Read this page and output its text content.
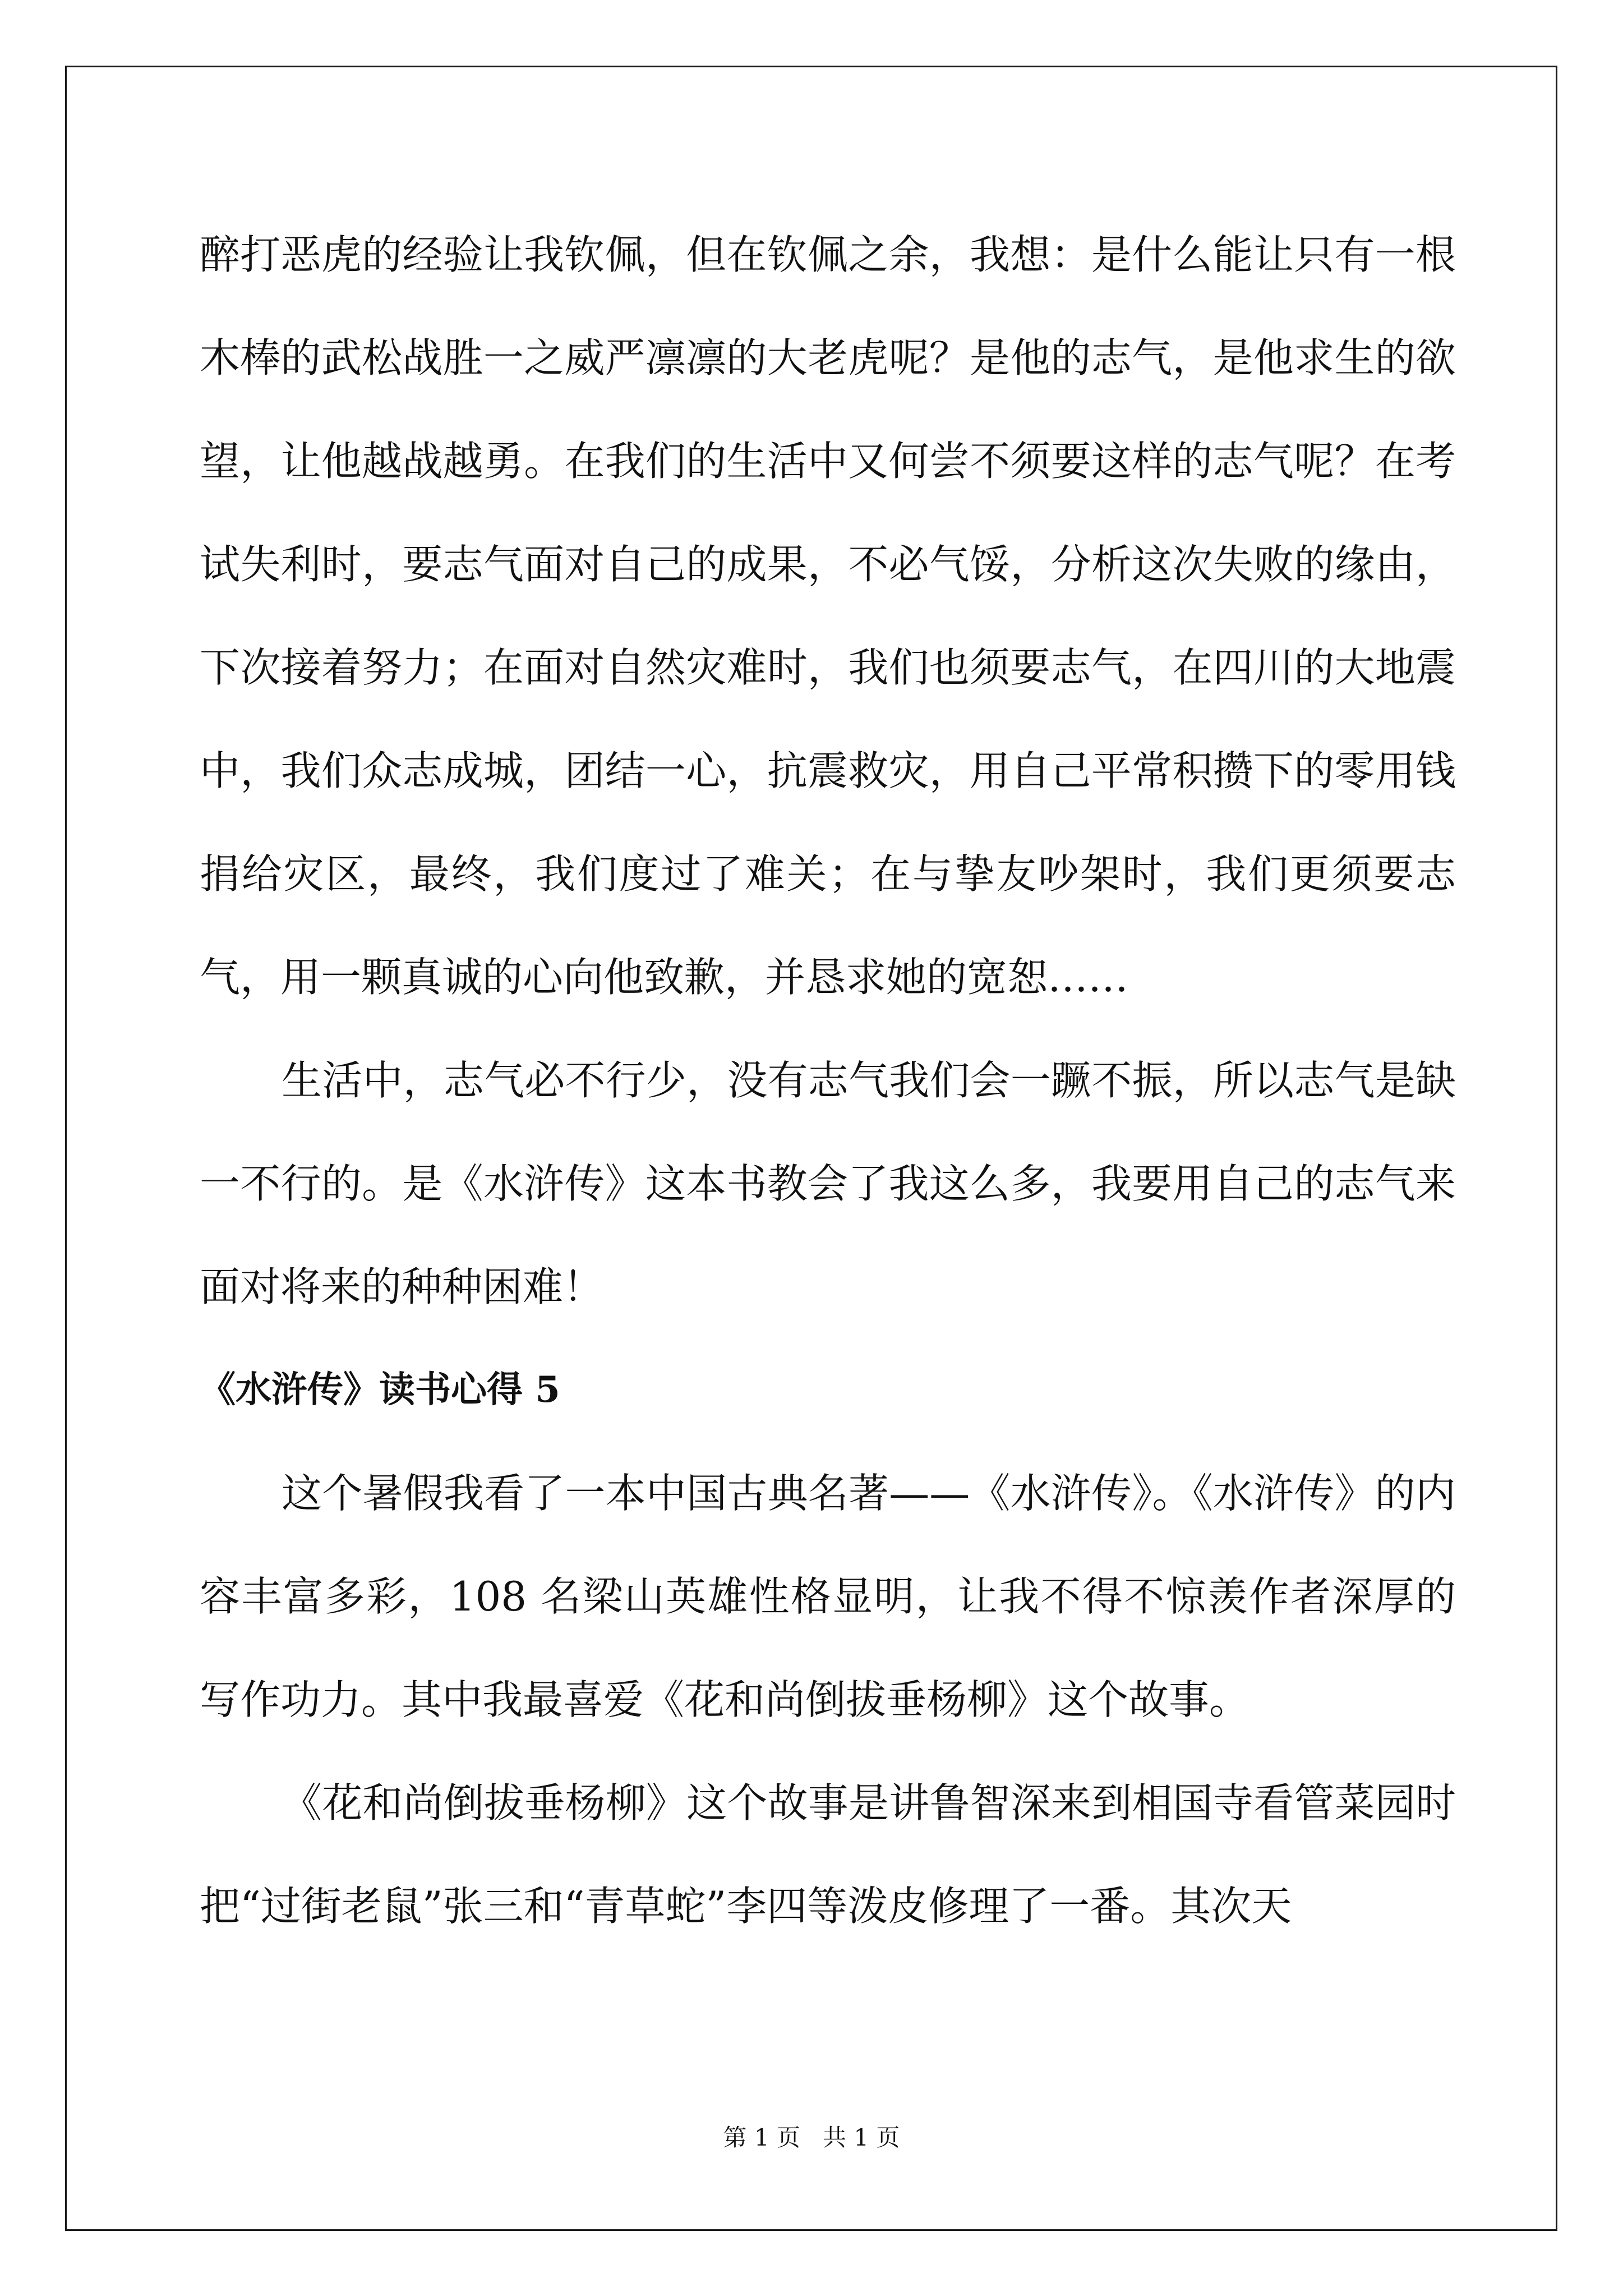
醉打恶虎的经验让我钦佩，但在钦佩之余，我想：是什么能让只有一根木棒的武松战胜一之威严凛凛的大老虎呢？是他的志气，是他求生的欲望，让他越战越勇。在我们的生活中又何尝不须要这样的志气呢？在考试失利时，要志气面对自己的成果，不必气馁，分析这次失败的缘由，下次接着努力；在面对自然灾难时，我们也须要志气，在四川的大地震中，我们众志成城，团结一心，抗震救灾，用自己平常积攒下的零用钱捐给灾区，最终，我们度过了难关；在与挚友吵架时，我们更须要志气，用一颗真诚的心向他致歉，并恳求她的宽恕……

生活中，志气必不行少，没有志气我们会一蹶不振，所以志气是缺一不行的。是《水浒传》这本书教会了我这么多，我要用自己的志气来面对将来的种种困难！

《水浒传》读书心得 5

这个暑假我看了一本中国古典名著——《水浒传》。《水浒传》的内容丰富多彩，108 名梁山英雄性格显明，让我不得不惊羡作者深厚的写作功力。其中我最喜爱《花和尚倒拔垂杨柳》这个故事。

《花和尚倒拔垂杨柳》这个故事是讲鲁智深来到相国寺看管菜园时把“过街老鼠”张三和“青草蛇”李四等泼皮修理了一番。其次天

第 1 页 共 1 页
